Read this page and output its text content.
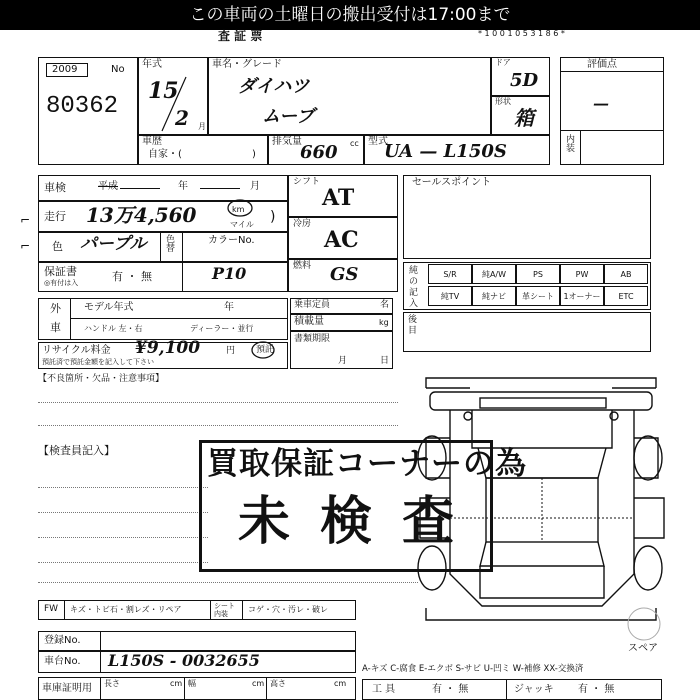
この車両の土曜日の搬出受付は17:00まで
査 証 票	* 1 0 0 1 0 5 3 1 8 6 *
2009	No
80362
年式
15
2 月
車名・グレード
ダイハツ
ムーブ
ドア
5D
形状
箱
評価点
—
内装
車歴
自家・(	)
排気量
660 cc 型式
UA — L150S
車検	平成	年	月
走行 13万4,560	km
マイル )
色 パープル 色替
カラーNo.
保証書
◎有付は入	有 ・ 無	P10
シフト
AT
冷房
AC
燃料 GS
セールスポイント
純 の 記 入
外
車
モデル年式	年
ハンドル 左・右	ディーラー・並行
乗車定員	名
積載量	kg
書類期限
月	日
後 目
リサイクル料金 ¥9,100	円 預託
預託済で預託金額を記入して下さい
【不良箇所・欠品・注意事項】
【検査員記入】	買取保証コーナーの為
未検査
スペア
FW キズ・トビ石・割レズ・リペア	シート内装	コゲ・穴・汚レ・破レ
登録No.
車台No. L150S - 0032655
車庫証明用 長さ	cm 幅	cm 高さ	cm
A-キズ C-腐食 E-エクボ S-サビ U-凹ミ W-補修 XX-交換済
工 具	有 ・ 無	ジャッキ 有 ・ 無
⌐
⌐
S/R	純A/W	PS	PW	AB
純TV	純ナビ	革シート	1オーナー	ETC
